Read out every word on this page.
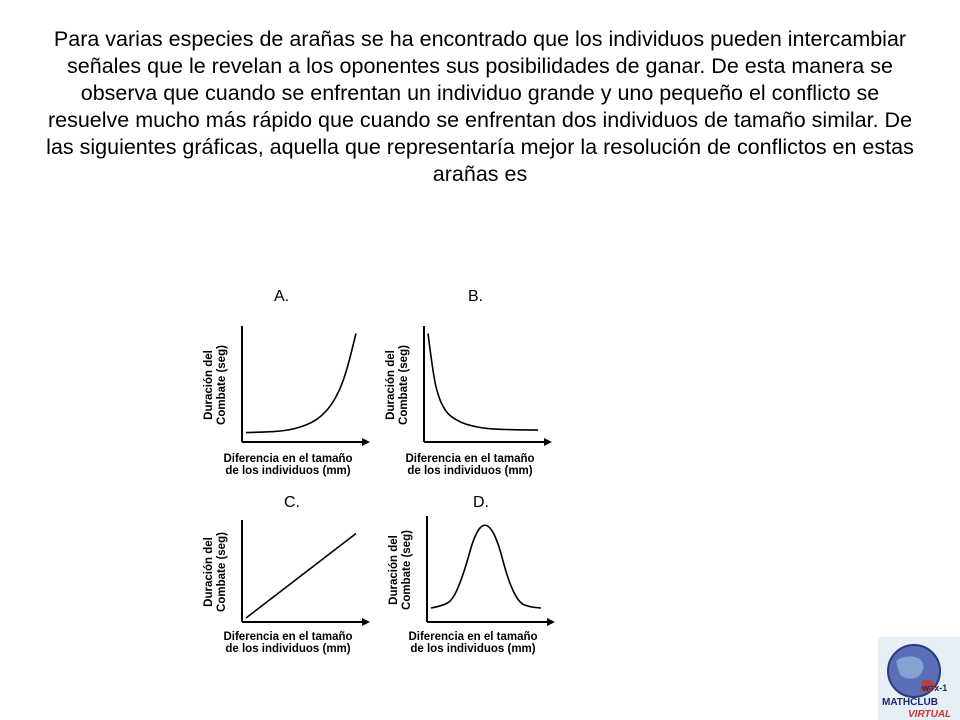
Para varias especies de arañas se ha encontrado que los individuos pueden intercambiar señales que le revelan a los oponentes sus posibilidades de ganar. De esta manera se observa que cuando se enfrentan un individuo grande y uno pequeño el conflicto se resuelve mucho más rápido que cuando se enfrentan dos individuos de tamaño similar. De las siguientes gráficas, aquella que representaría mejor la resolución de conflictos en estas arañas es

A.
Duración del Combate (seg)
Diferencia en el tamaño
de los individuos (mm)
B.
Duración del Combate (seg)
Diferencia en el tamaño
de los individuos (mm)
C.
Duración del Combate (seg)
Diferencia en el tamaño
de los individuos (mm)
D.
Duración del Combate (seg)
Diferencia en el tamaño
de los individuos (mm)
w=x-1
MATHCLUB
VIRTUAL
